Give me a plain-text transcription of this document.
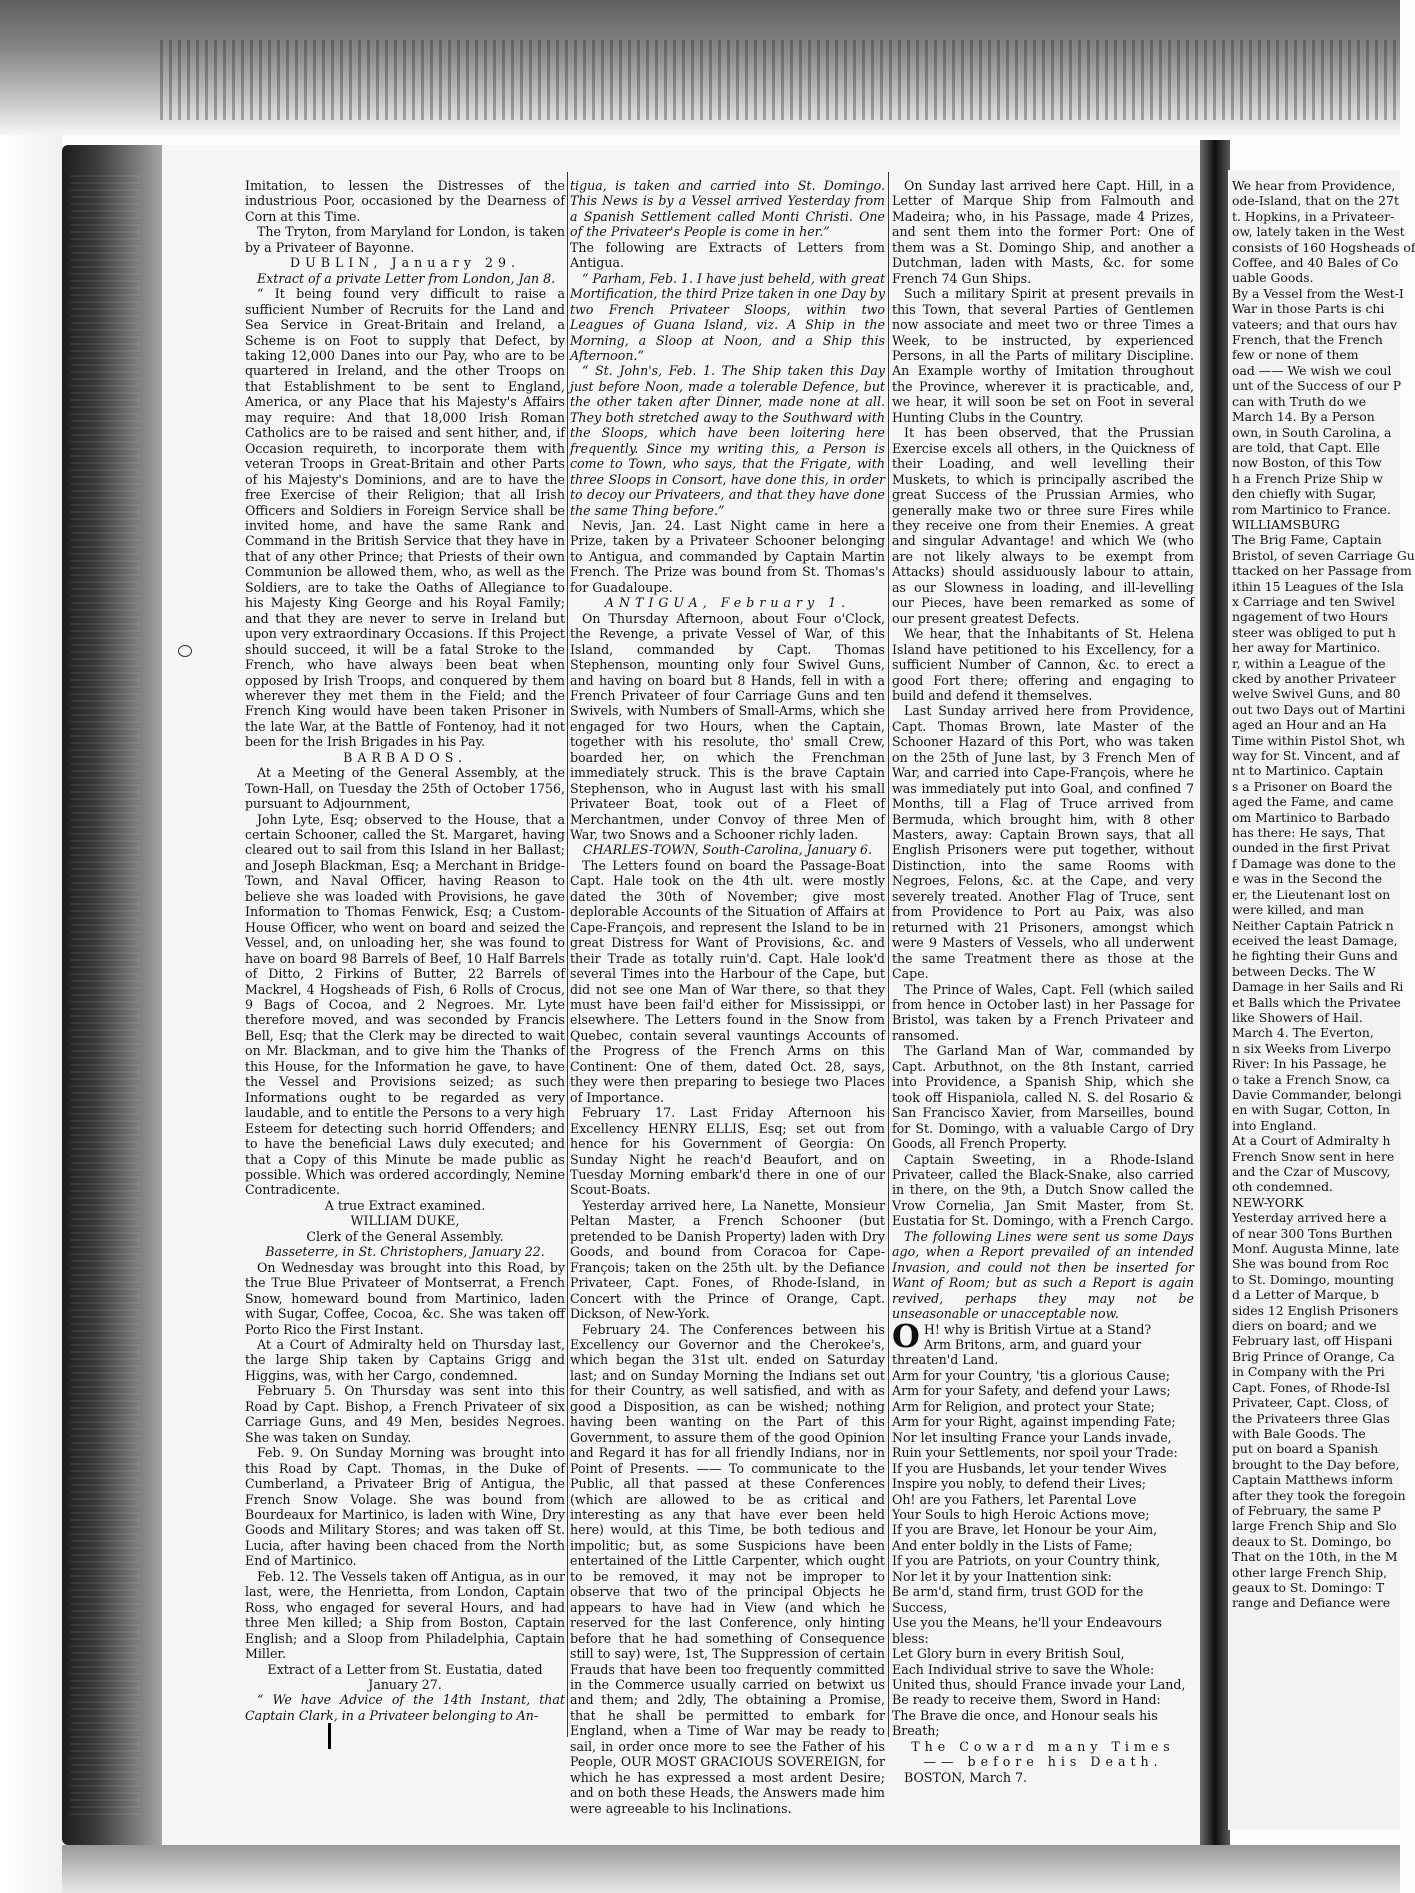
Imitation, to lessen the Distresses of the industrious Poor, occasioned by the Dearness of Corn at this Time.

The Tryton, from Maryland for London, is taken by a Privateer of Bayonne.

DUBLIN, January 29.

Extract of a private Letter from London, Jan 8.

“ It being found very difficult to raise a sufficient Number of Recruits for the Land and Sea Service in Great-Britain and Ireland, a Scheme is on Foot to supply that Defect, by taking 12,000 Danes into our Pay, who are to be quartered in Ireland, and the other Troops on that Establishment to be sent to England, America, or any Place that his Majesty's Affairs may require: And that 18,000 Irish Roman Catholics are to be raised and sent hither, and, if Occasion requireth, to incorporate them with veteran Troops in Great-Britain and other Parts of his Majesty's Dominions, and are to have the free Exercise of their Religion; that all Irish Officers and Soldiers in Foreign Service shall be invited home, and have the same Rank and Command in the British Service that they have in that of any other Prince; that Priests of their own Communion be allowed them, who, as well as the Soldiers, are to take the Oaths of Allegiance to his Majesty King George and his Royal Family; and that they are never to serve in Ireland but upon very extraordinary Occasions. If this Project should succeed, it will be a fatal Stroke to the French, who have always been beat when opposed by Irish Troops, and conquered by them wherever they met them in the Field; and the French King would have been taken Prisoner in the late War, at the Battle of Fontenoy, had it not been for the Irish Brigades in his Pay.

BARBADOS.

At a Meeting of the General Assembly, at the Town-Hall, on Tuesday the 25th of October 1756, pursuant to Adjournment,

John Lyte, Esq; observed to the House, that a certain Schooner, called the St. Margaret, having cleared out to sail from this Island in her Ballast; and Joseph Blackman, Esq; a Merchant in Bridge-Town, and Naval Officer, having Reason to believe she was loaded with Provisions, he gave Information to Thomas Fenwick, Esq; a Custom-House Officer, who went on board and seized the Vessel, and, on unloading her, she was found to have on board 98 Barrels of Beef, 10 Half Barrels of Ditto, 2 Firkins of Butter, 22 Barrels of Mackrel, 4 Hogsheads of Fish, 6 Rolls of Crocus, 9 Bags of Cocoa, and 2 Negroes. Mr. Lyte therefore moved, and was seconded by Francis Bell, Esq; that the Clerk may be directed to wait on Mr. Blackman, and to give him the Thanks of this House, for the Information he gave, to have the Vessel and Provisions seized; as such Informations ought to be regarded as very laudable, and to entitle the Persons to a very high Esteem for detecting such horrid Offenders; and to have the beneficial Laws duly executed; and that a Copy of this Minute be made public as possible. Which was ordered accordingly, Nemine Contradicente.

A true Extract examined.

WILLIAM DUKE,

Clerk of the General Assembly.

Basseterre, in St. Christophers, January 22.

On Wednesday was brought into this Road, by the True Blue Privateer of Montserrat, a French Snow, homeward bound from Martinico, laden with Sugar, Coffee, Cocoa, &c. She was taken off Porto Rico the First Instant.

At a Court of Admiralty held on Thursday last, the large Ship taken by Captains Grigg and Higgins, was, with her Cargo, condemned.

February 5. On Thursday was sent into this Road by Capt. Bishop, a French Privateer of six Carriage Guns, and 49 Men, besides Negroes. She was taken on Sunday.

Feb. 9. On Sunday Morning was brought into this Road by Capt. Thomas, in the Duke of Cumberland, a Privateer Brig of Antigua, the French Snow Volage. She was bound from Bourdeaux for Martinico, is laden with Wine, Dry Goods and Military Stores; and was taken off St. Lucia, after having been chaced from the North End of Martinico.

Feb. 12. The Vessels taken off Antigua, as in our last, were, the Henrietta, from London, Captain Ross, who engaged for several Hours, and had three Men killed; a Ship from Boston, Captain English; and a Sloop from Philadelphia, Captain Miller.

Extract of a Letter from St. Eustatia, dated January 27.

“ We have Advice of the 14th Instant, that Captain Clark, in a Privateer belonging to An-

tigua, is taken and carried into St. Domingo. This News is by a Vessel arrived Yesterday from a Spanish Settlement called Monti Christi. One of the Privateer's People is come in her.”

The following are Extracts of Letters from Antigua.

“ Parham, Feb. 1. I have just beheld, with great Mortification, the third Prize taken in one Day by two French Privateer Sloops, within two Leagues of Guana Island, viz. A Ship in the Morning, a Sloop at Noon, and a Ship this Afternoon.”

“ St. John's, Feb. 1. The Ship taken this Day just before Noon, made a tolerable Defence, but the other taken after Dinner, made none at all. They both stretched away to the Southward with the Sloops, which have been loitering here frequently. Since my writing this, a Person is come to Town, who says, that the Frigate, with three Sloops in Consort, have done this, in order to decoy our Privateers, and that they have done the same Thing before.”

Nevis, Jan. 24. Last Night came in here a Prize, taken by a Privateer Schooner belonging to Antigua, and commanded by Captain Martin French. The Prize was bound from St. Thomas's for Guadaloupe.

ANTIGUA, February 1.

On Thursday Afternoon, about Four o'Clock, the Revenge, a private Vessel of War, of this Island, commanded by Capt. Thomas Stephenson, mounting only four Swivel Guns, and having on board but 8 Hands, fell in with a French Privateer of four Carriage Guns and ten Swivels, with Numbers of Small-Arms, which she engaged for two Hours, when the Captain, together with his resolute, tho' small Crew, boarded her, on which the Frenchman immediately struck. This is the brave Captain Stephenson, who in August last with his small Privateer Boat, took out of a Fleet of Merchantmen, under Convoy of three Men of War, two Snows and a Schooner richly laden.

CHARLES-TOWN, South-Carolina, January 6.

The Letters found on board the Passage-Boat Capt. Hale took on the 4th ult. were mostly dated the 30th of November; give most deplorable Accounts of the Situation of Affairs at Cape-François, and represent the Island to be in great Distress for Want of Provisions, &c. and their Trade as totally ruin'd. Capt. Hale look'd several Times into the Harbour of the Cape, but did not see one Man of War there, so that they must have been fail'd either for Mississippi, or elsewhere. The Letters found in the Snow from Quebec, contain several vauntings Accounts of the Progress of the French Arms on this Continent: One of them, dated Oct. 28, says, they were then preparing to besiege two Places of Importance.

February 17. Last Friday Afternoon his Excellency HENRY ELLIS, Esq; set out from hence for his Government of Georgia: On Sunday Night he reach'd Beaufort, and on Tuesday Morning embark'd there in one of our Scout-Boats.

Yesterday arrived here, La Nanette, Monsieur Peltan Master, a French Schooner (but pretended to be Danish Property) laden with Dry Goods, and bound from Coracoa for Cape-François; taken on the 25th ult. by the Defiance Privateer, Capt. Fones, of Rhode-Island, in Concert with the Prince of Orange, Capt. Dickson, of New-York.

February 24. The Conferences between his Excellency our Governor and the Cherokee's, which began the 31st ult. ended on Saturday last; and on Sunday Morning the Indians set out for their Country, as well satisfied, and with as good a Disposition, as can be wished; nothing having been wanting on the Part of this Government, to assure them of the good Opinion and Regard it has for all friendly Indians, nor in Point of Presents. —— To communicate to the Public, all that passed at these Conferences (which are allowed to be as critical and interesting as any that have ever been held here) would, at this Time, be both tedious and impolitic; but, as some Suspicions have been entertained of the Little Carpenter, which ought to be removed, it may not be improper to observe that two of the principal Objects he appears to have had in View (and which he reserved for the last Conference, only hinting before that he had something of Consequence still to say) were, 1st, The Suppression of certain Frauds that have been too frequently committed in the Commerce usually carried on betwixt us and them; and 2dly, The obtaining a Promise, that he shall be permitted to embark for England, when a Time of War may be ready to sail, in order once more to see the Father of his People, OUR MOST GRACIOUS SOVEREIGN, for which he has expressed a most ardent Desire; and on both these Heads, the Answers made him were agreeable to his Inclinations.

On Sunday last arrived here Capt. Hill, in a Letter of Marque Ship from Falmouth and Madeira; who, in his Passage, made 4 Prizes, and sent them into the former Port: One of them was a St. Domingo Ship, and another a Dutchman, laden with Masts, &c. for some French 74 Gun Ships.

Such a military Spirit at present prevails in this Town, that several Parties of Gentlemen now associate and meet two or three Times a Week, to be instructed, by experienced Persons, in all the Parts of military Discipline. An Example worthy of Imitation throughout the Province, wherever it is practicable, and, we hear, it will soon be set on Foot in several Hunting Clubs in the Country.

It has been observed, that the Prussian Exercise excels all others, in the Quickness of their Loading, and well levelling their Muskets, to which is principally ascribed the great Success of the Prussian Armies, who generally make two or three sure Fires while they receive one from their Enemies. A great and singular Advantage! and which We (who are not likely always to be exempt from Attacks) should assiduously labour to attain, as our Slowness in loading, and ill-levelling our Pieces, have been remarked as some of our present greatest Defects.

We hear, that the Inhabitants of St. Helena Island have petitioned to his Excellency, for a sufficient Number of Cannon, &c. to erect a good Fort there; offering and engaging to build and defend it themselves.

Last Sunday arrived here from Providence, Capt. Thomas Brown, late Master of the Schooner Hazard of this Port, who was taken on the 25th of June last, by 3 French Men of War, and carried into Cape-François, where he was immediately put into Goal, and confined 7 Months, till a Flag of Truce arrived from Bermuda, which brought him, with 8 other Masters, away: Captain Brown says, that all English Prisoners were put together, without Distinction, into the same Rooms with Negroes, Felons, &c. at the Cape, and very severely treated. Another Flag of Truce, sent from Providence to Port au Paix, was also returned with 21 Prisoners, amongst which were 9 Masters of Vessels, who all underwent the same Treatment there as those at the Cape.

The Prince of Wales, Capt. Fell (which sailed from hence in October last) in her Passage for Bristol, was taken by a French Privateer and ransomed.

The Garland Man of War, commanded by Capt. Arbuthnot, on the 8th Instant, carried into Providence, a Spanish Ship, which she took off Hispaniola, called N. S. del Rosario & San Francisco Xavier, from Marseilles, bound for St. Domingo, with a valuable Cargo of Dry Goods, all French Property.

Captain Sweeting, in a Rhode-Island Privateer, called the Black-Snake, also carried in there, on the 9th, a Dutch Snow called the Vrow Cornelia, Jan Smit Master, from St. Eustatia for St. Domingo, with a French Cargo.

The following Lines were sent us some Days ago, when a Report prevailed of an intended Invasion, and could not then be inserted for Want of Room; but as such a Report is again revived, perhaps they may not be unseasonable or unacceptable now.

O H! why is British Virtue at a Stand?

Arm Britons, arm, and guard your threaten'd Land.

Arm for your Country, 'tis a glorious Cause;

Arm for your Safety, and defend your Laws;

Arm for Religion, and protect your State;

Arm for your Right, against impending Fate;

Nor let insulting France your Lands invade,

Ruin your Settlements, nor spoil your Trade:

If you are Husbands, let your tender Wives

Inspire you nobly, to defend their Lives;

Oh! are you Fathers, let Parental Love

Your Souls to high Heroic Actions move;

If you are Brave, let Honour be your Aim,

And enter boldly in the Lists of Fame;

If you are Patriots, on your Country think,

Nor let it by your Inattention sink:

Be arm'd, stand firm, trust GOD for the Success,

Use you the Means, he'll your Endeavours bless:

Let Glory burn in every British Soul,

Each Individual strive to save the Whole:

United thus, should France invade your Land,

Be ready to receive them, Sword in Hand:

The Brave die once, and Honour seals his Breath;

The Coward many Times —— before his Death.

BOSTON, March 7.

We hear from Providence,

ode-Island, that on the 27t

t. Hopkins, in a Privateer-

ow, lately taken in the West

consists of 160 Hogsheads of

Coffee, and 40 Bales of Co

uable Goods.

By a Vessel from the West-I

War in those Parts is chi

vateers; and that ours hav

French, that the French

few or none of them

oad —— We wish we coul

unt of the Success of our P

can with Truth do we

March 14. By a Person

own, in South Carolina, a

are told, that Capt. Elle

now Boston, of this Tow

h a French Prize Ship w

den chiefly with Sugar,

rom Martinico to France.

WILLIAMSBURG

The Brig Fame, Captain

Bristol, of seven Carriage Gu

ttacked on her Passage from

ithin 15 Leagues of the Isla

x Carriage and ten Swivel

ngagement of two Hours

steer was obliged to put h

her away for Martinico.

r, within a League of the

cked by another Privateer

welve Swivel Guns, and 80

out two Days out of Martini

aged an Hour and an Ha

Time within Pistol Shot, wh

way for St. Vincent, and af

nt to Martinico. Captain

s a Prisoner on Board the

aged the Fame, and came

om Martinico to Barbado

has there: He says, That

ounded in the first Privat

f Damage was done to the

e was in the Second the

er, the Lieutenant lost on

were killed, and man

Neither Captain Patrick n

eceived the least Damage,

he fighting their Guns and

between Decks. The W

Damage in her Sails and Ri

et Balls which the Privatee

like Showers of Hail.

March 4. The Everton,

n six Weeks from Liverpo

River: In his Passage, he

o take a French Snow, ca

Davie Commander, belongi

en with Sugar, Cotton, In

into England.

At a Court of Admiralty h

French Snow sent in here

and the Czar of Muscovy,

oth condemned.

NEW-YORK

Yesterday arrived here a

of near 300 Tons Burthen

Monf. Augusta Minne, late

She was bound from Roc

to St. Domingo, mounting

d a Letter of Marque, b

sides 12 English Prisoners

diers on board; and we

February last, off Hispani

Brig Prince of Orange, Ca

in Company with the Pri

Capt. Fones, of Rhode-Isl

Privateer, Capt. Closs, of

the Privateers three Glas

with Bale Goods. The

put on board a Spanish

brought to the Day before,

Captain Matthews inform

after they took the foregoin

of February, the same P

large French Ship and Slo

deaux to St. Domingo, bo

That on the 10th, in the M

other large French Ship,

geaux to St. Domingo: T

range and Defiance were
